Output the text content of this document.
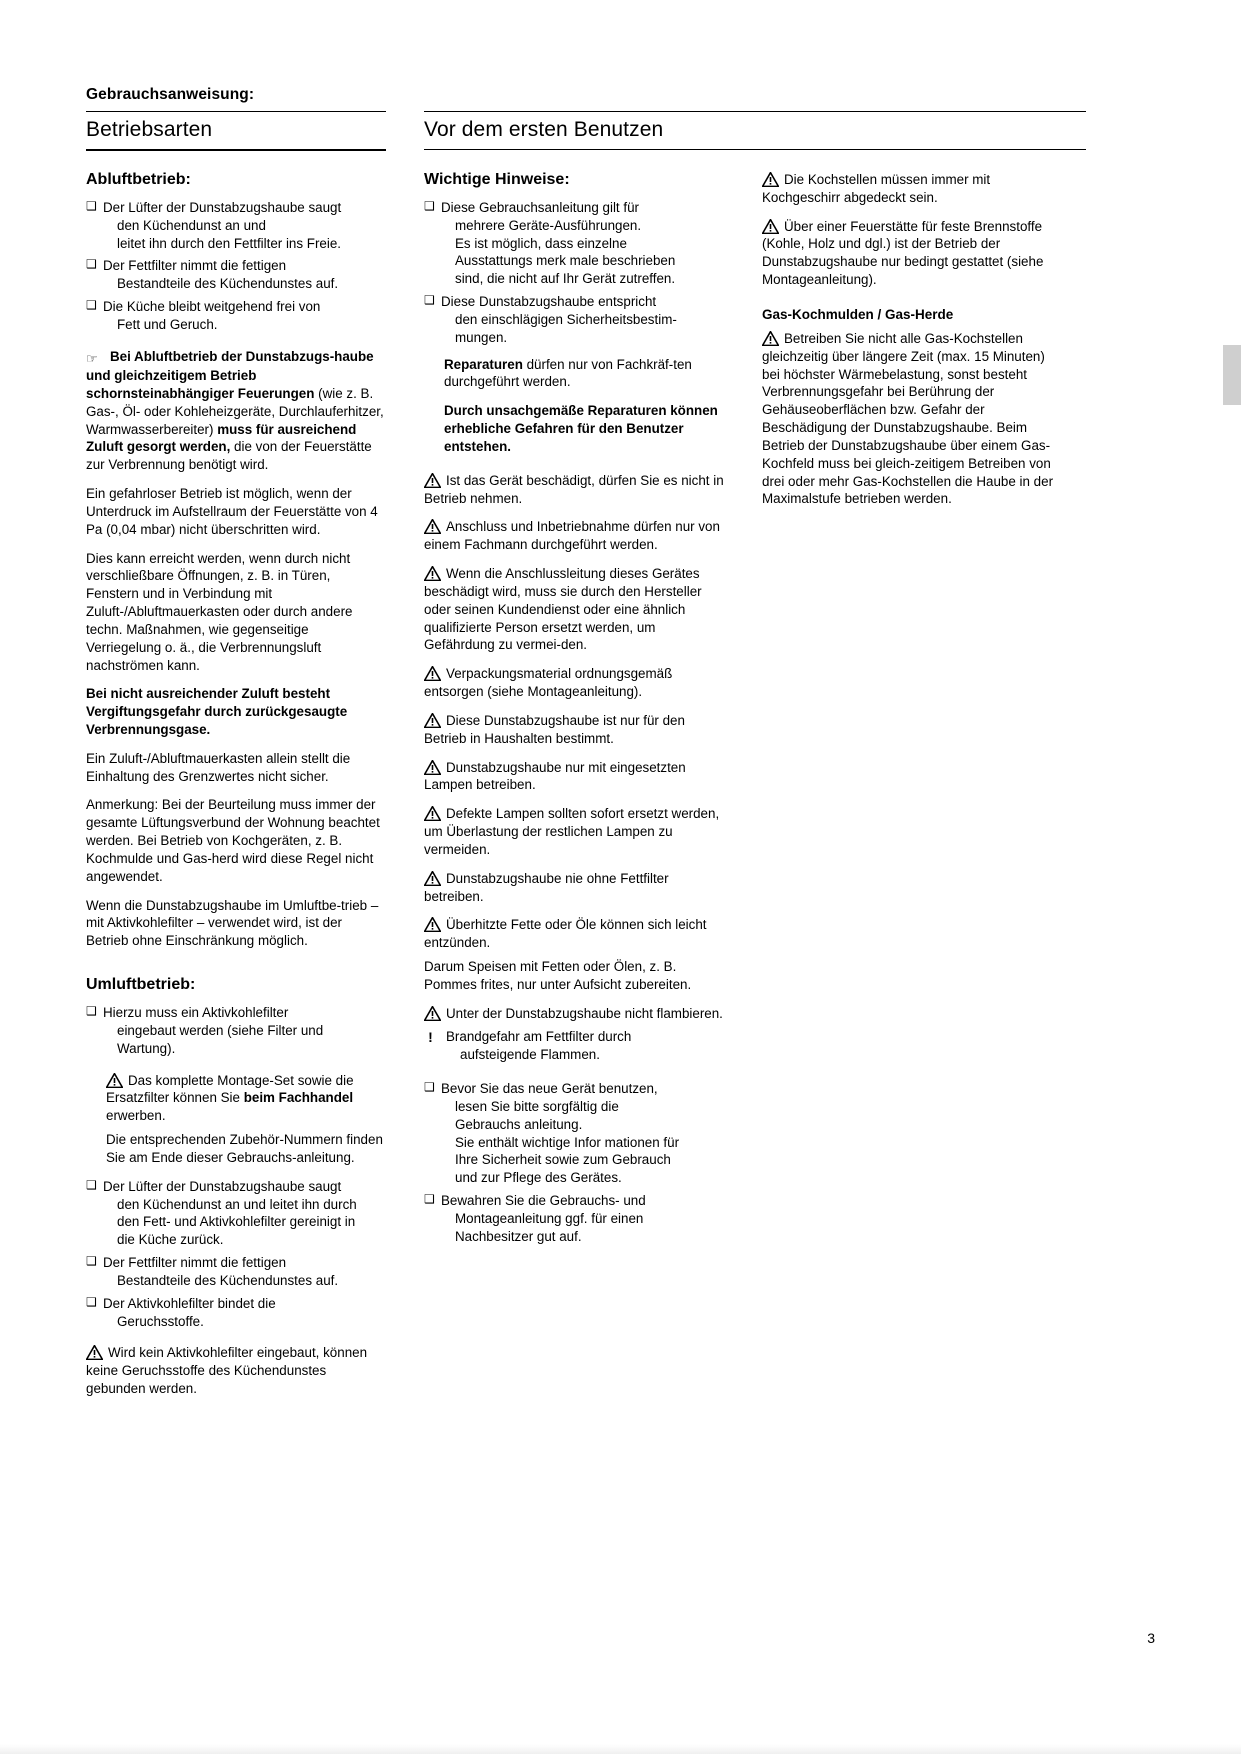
Gebrauchsanweisung:
Betriebsarten	Vor dem ersten Benutzen
Abluftbetrieb:
❑ Der Lüfter der Dunstabzugshaube saugt
den Küchendunst an und
leitet ihn durch den Fettfilter ins Freie.
❑ Der Fettfilter nimmt die fettigen
Bestandteile des Küchendunstes auf.
❑ Die Küche bleibt weitgehend frei von
Fett und Geruch.

☞ Bei Abluftbetrieb der Dunstabzugs-haube und gleichzeitigem Betrieb schornsteinabhängiger Feuerungen (wie z. B. Gas-, Öl- oder Kohleheizgeräte, Durchlauferhitzer, Warmwasserbereiter) muss für ausreichend Zuluft gesorgt werden, die von der Feuerstätte zur Verbrennung benötigt wird.

Ein gefahrloser Betrieb ist möglich, wenn der Unterdruck im Aufstellraum der Feuerstätte von 4 Pa (0,04 mbar) nicht überschritten wird.

Dies kann erreicht werden, wenn durch nicht verschließbare Öffnungen, z. B. in Türen, Fenstern und in Verbindung mit Zuluft-/Abluftmauerkasten oder durch andere techn. Maßnahmen, wie gegenseitige Verriegelung o. ä., die Verbrennungsluft nachströmen kann.

Bei nicht ausreichender Zuluft besteht Vergiftungsgefahr durch zurückgesaugte Verbrennungsgase.

Ein Zuluft-/Abluftmauerkasten allein stellt die Einhaltung des Grenzwertes nicht sicher.

Anmerkung: Bei der Beurteilung muss immer der gesamte Lüftungsverbund der Wohnung beachtet werden. Bei Betrieb von Kochgeräten, z. B. Kochmulde und Gas-herd wird diese Regel nicht angewendet.

Wenn die Dunstabzugshaube im Umluftbe-trieb – mit Aktivkohlefilter – verwendet wird, ist der Betrieb ohne Einschränkung möglich.

Umluftbetrieb:
❑ Hierzu muss ein Aktivkohlefilter
eingebaut werden (siehe Filter und
Wartung).

Das komplette Montage-Set sowie die Ersatzfilter können Sie beim Fachhandel erwerben.

Die entsprechenden Zubehör-Nummern finden Sie am Ende dieser Gebrauchs-anleitung.

❑ Der Lüfter der Dunstabzugshaube saugt
den Küchendunst an und leitet ihn durch
den Fett- und Aktivkohlefilter gereinigt in
die Küche zurück.
❑ Der Fettfilter nimmt die fettigen
Bestandteile des Küchendunstes auf.
❑ Der Aktivkohlefilter bindet die
Geruchsstoffe.

Wird kein Aktivkohlefilter eingebaut, können keine Geruchsstoffe des Küchendunstes gebunden werden.

Wichtige Hinweise:
❑ Diese Gebrauchsanleitung gilt für
mehrere Geräte-Ausführungen.
Es ist möglich, dass einzelne
Ausstattungs merk male beschrieben
sind, die nicht auf Ihr Gerät zutreffen.
❑ Diese Dunstabzugshaube entspricht
den einschlägigen Sicherheitsbestim-
mungen.

Reparaturen dürfen nur von Fachkräf-ten durchgeführt werden.

Durch unsachgemäße Reparaturen können erhebliche Gefahren für den Benutzer entstehen.

Ist das Gerät beschädigt, dürfen Sie es nicht in Betrieb nehmen.

Anschluss und Inbetriebnahme dürfen nur von einem Fachmann durchgeführt werden.

Wenn die Anschlussleitung dieses Gerätes beschädigt wird, muss sie durch den Hersteller oder seinen Kundendienst oder eine ähnlich qualifizierte Person ersetzt werden, um Gefährdung zu vermei-den.

Verpackungsmaterial ordnungsgemäß entsorgen (siehe Montageanleitung).

Diese Dunstabzugshaube ist nur für den Betrieb in Haushalten bestimmt.

Dunstabzugshaube nur mit eingesetzten Lampen betreiben.

Defekte Lampen sollten sofort ersetzt werden, um Überlastung der restlichen Lampen zu vermeiden.

Dunstabzugshaube nie ohne Fettfilter betreiben.

Überhitzte Fette oder Öle können sich leicht entzünden.

Darum Speisen mit Fetten oder Ölen, z. B. Pommes frites, nur unter Aufsicht zubereiten.

Unter der Dunstabzugshaube nicht flambieren.

! Brandgefahr am Fettfilter durch
aufsteigende Flammen.
❑ Bevor Sie das neue Gerät benutzen,
lesen Sie bitte sorgfältig die
Gebrauchs anleitung.
Sie enthält wichtige Infor mationen für
Ihre Sicherheit sowie zum Gebrauch
und zur Pflege des Gerätes.
❑ Bewahren Sie die Gebrauchs- und
Montageanleitung ggf. für einen
Nachbesitzer gut auf.

Die Kochstellen müssen immer mit Kochgeschirr abgedeckt sein.

Über einer Feuerstätte für feste Brennstoffe (Kohle, Holz und dgl.) ist der Betrieb der Dunstabzugshaube nur bedingt gestattet (siehe Montageanleitung).

Gas-Kochmulden / Gas-Herde

Betreiben Sie nicht alle Gas-Kochstellen gleichzeitig über längere Zeit (max. 15 Minuten) bei höchster Wärmebelastung, sonst besteht Verbrennungsgefahr bei Berührung der Gehäuseoberflächen bzw. Gefahr der Beschädigung der Dunstabzugshaube. Beim Betrieb der Dunstabzugshaube über einem Gas-Kochfeld muss bei gleich-zeitigem Betreiben von drei oder mehr Gas-Kochstellen die Haube in der Maximalstufe betrieben werden.

3
